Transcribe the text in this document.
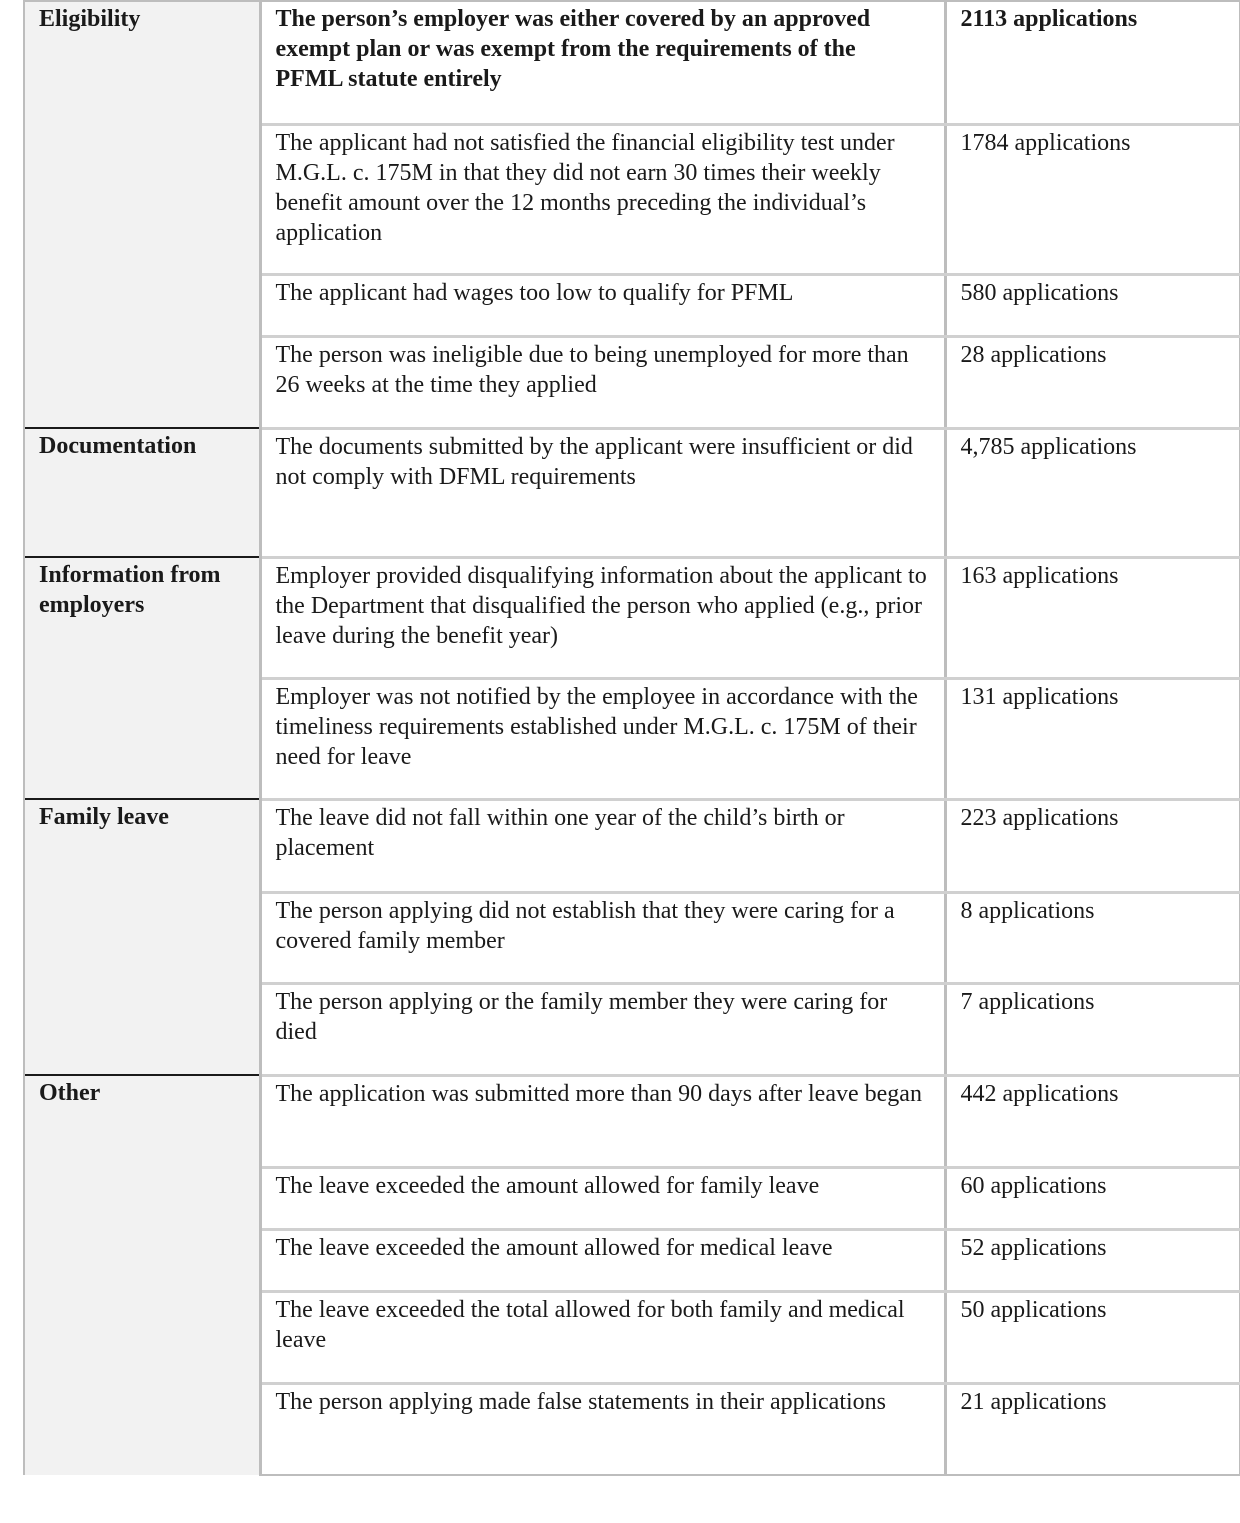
Eligibility	The person’s employer was either covered by an approved exempt plan or was exempt from the requirements of the PFML statute entirely	2113 applications
	The applicant had not satisfied the financial eligibility test under M.G.L. c. 175M in that they did not earn 30 times their weekly benefit amount over the 12 months preceding the individual’s application	1784 applications
	The applicant had wages too low to qualify for PFML	580 applications
	The person was ineligible due to being unemployed for more than 26 weeks at the time they applied	28 applications
Documentation	The documents submitted by the applicant were insufficient or did not comply with DFML requirements	4,785 applications
Information from employers	Employer provided disqualifying information about the applicant to the Department that disqualified the person who applied (e.g., prior leave during the benefit year)	163 applications
	Employer was not notified by the employee in accordance with the timeliness requirements established under M.G.L. c. 175M of their need for leave	131 applications
Family leave	The leave did not fall within one year of the child’s birth or placement	223 applications
	The person applying did not establish that they were caring for a covered family member	8 applications
	The person applying or the family member they were caring for died	7 applications
Other	The application was submitted more than 90 days after leave began	442 applications
	The leave exceeded the amount allowed for family leave	60 applications
	The leave exceeded the amount allowed for medical leave	52 applications
	The leave exceeded the total allowed for both family and medical leave	50 applications
	The person applying made false statements in their applications	21 applications
